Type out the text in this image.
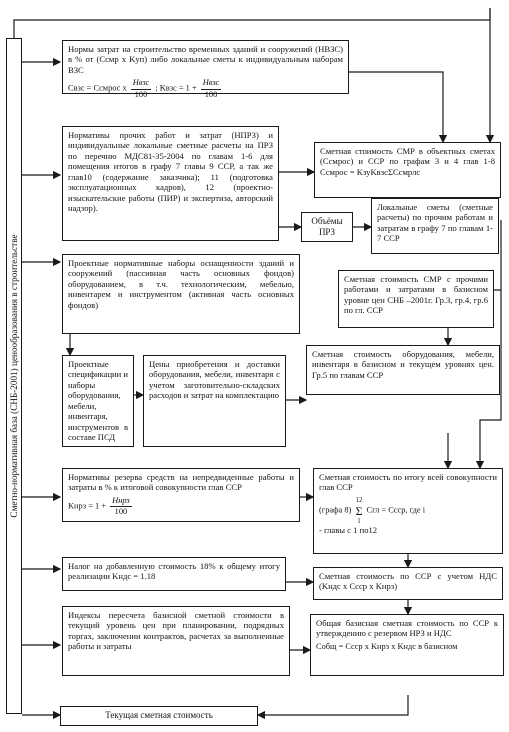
Сметно-нормативная база (СНБ-2001) ценообразования в строительстве
Нормы затрат на строительство временных зданий и сооружений (НВЗС) в % от (Cсмр x Kуп) либо локальные сметы к индивидуальным наборам ВЗС
Cвзс = Cсмрос x $\frac{\text{Hвзс}}{100}$ ; Kвзс = $1 + \frac{\text{Hвзс}}{100}$
Сметная стоимость СМР в объектных сметах (Cсмрос) и ССР по графам 3 и 4 глав 1-8 Cсмрос = KзуKвзсΣCсмрлс
Нормативы прочих работ и затрат (НПРЗ) и индивидуальные локальные сметные расчеты на ПРЗ по перечню МДС81-35-2004 по главам 1-6 для помещения итогов в графу 7 главы 9 ССР, а так же глав10 (содержание заказчика); 11 (подготовка эксплуатационных кадров), 12 (проектно-изыскательские работы (ПИР) и экспертиза, авторский надзор).
Объёмы ПРЗ
Локальные сметы (сметные расчеты) по прочим работам и затратам в графу 7 по главам 1-7 ССР
Проектные нормативные наборы оснащенности зданий и сооружений (пассивная часть основных фондов) оборудованием, в т.ч. технологическим, мебелью, инвентарем и инструментом (активная часть основных фондов)
Сметная стоимость СМР с прочими работами и затратами в базисном уровне цен СНБ –2001г. Гр.3, гр.4, гр.6 по гл. ССР
Проектные спецификации и наборы оборудования, мебели, инвентаря, инструментов в составе ПСД
Цены приобретения и доставки оборудования, мебели, инвентаря с учетом заготовительно-складских расходов и затрат на комплектацию
Сметная стоимость оборудования, мебели, инвентаря в базисном и текущем уровнях цен. Гр.5 по главам ССР
Нормативы резерва средств на непредвиденные работы и затраты в % к итоговой совокупности глав ССР
Kнрз = $1 + \frac{\text{Hнрз}}{100}$
Сметная стоимость по итогу всей совокупности глав ССР
(графа 8)
12
Σ
1
Cгл = Cсср, где i
- главы с 1 по12
Налог на добавленную стоимость 18% к общему итогу реализации Kндс = 1.18	Сметная стоимость по ССР с учетом НДС (Kндс x Cсср x Kнрз)
Индексы пересчета базисной сметной стоимости в текущий уровень цен при планировании, подрядных торгах, заключении контрактов, расчетах за выполненные работы и затраты
Общая базисная сметная стоимость по ССР к утверждению с резервом НРЗ и НДС
Cобщ = Cсср x Kнрз x Kндс в базисном
Текущая сметная стоимость
